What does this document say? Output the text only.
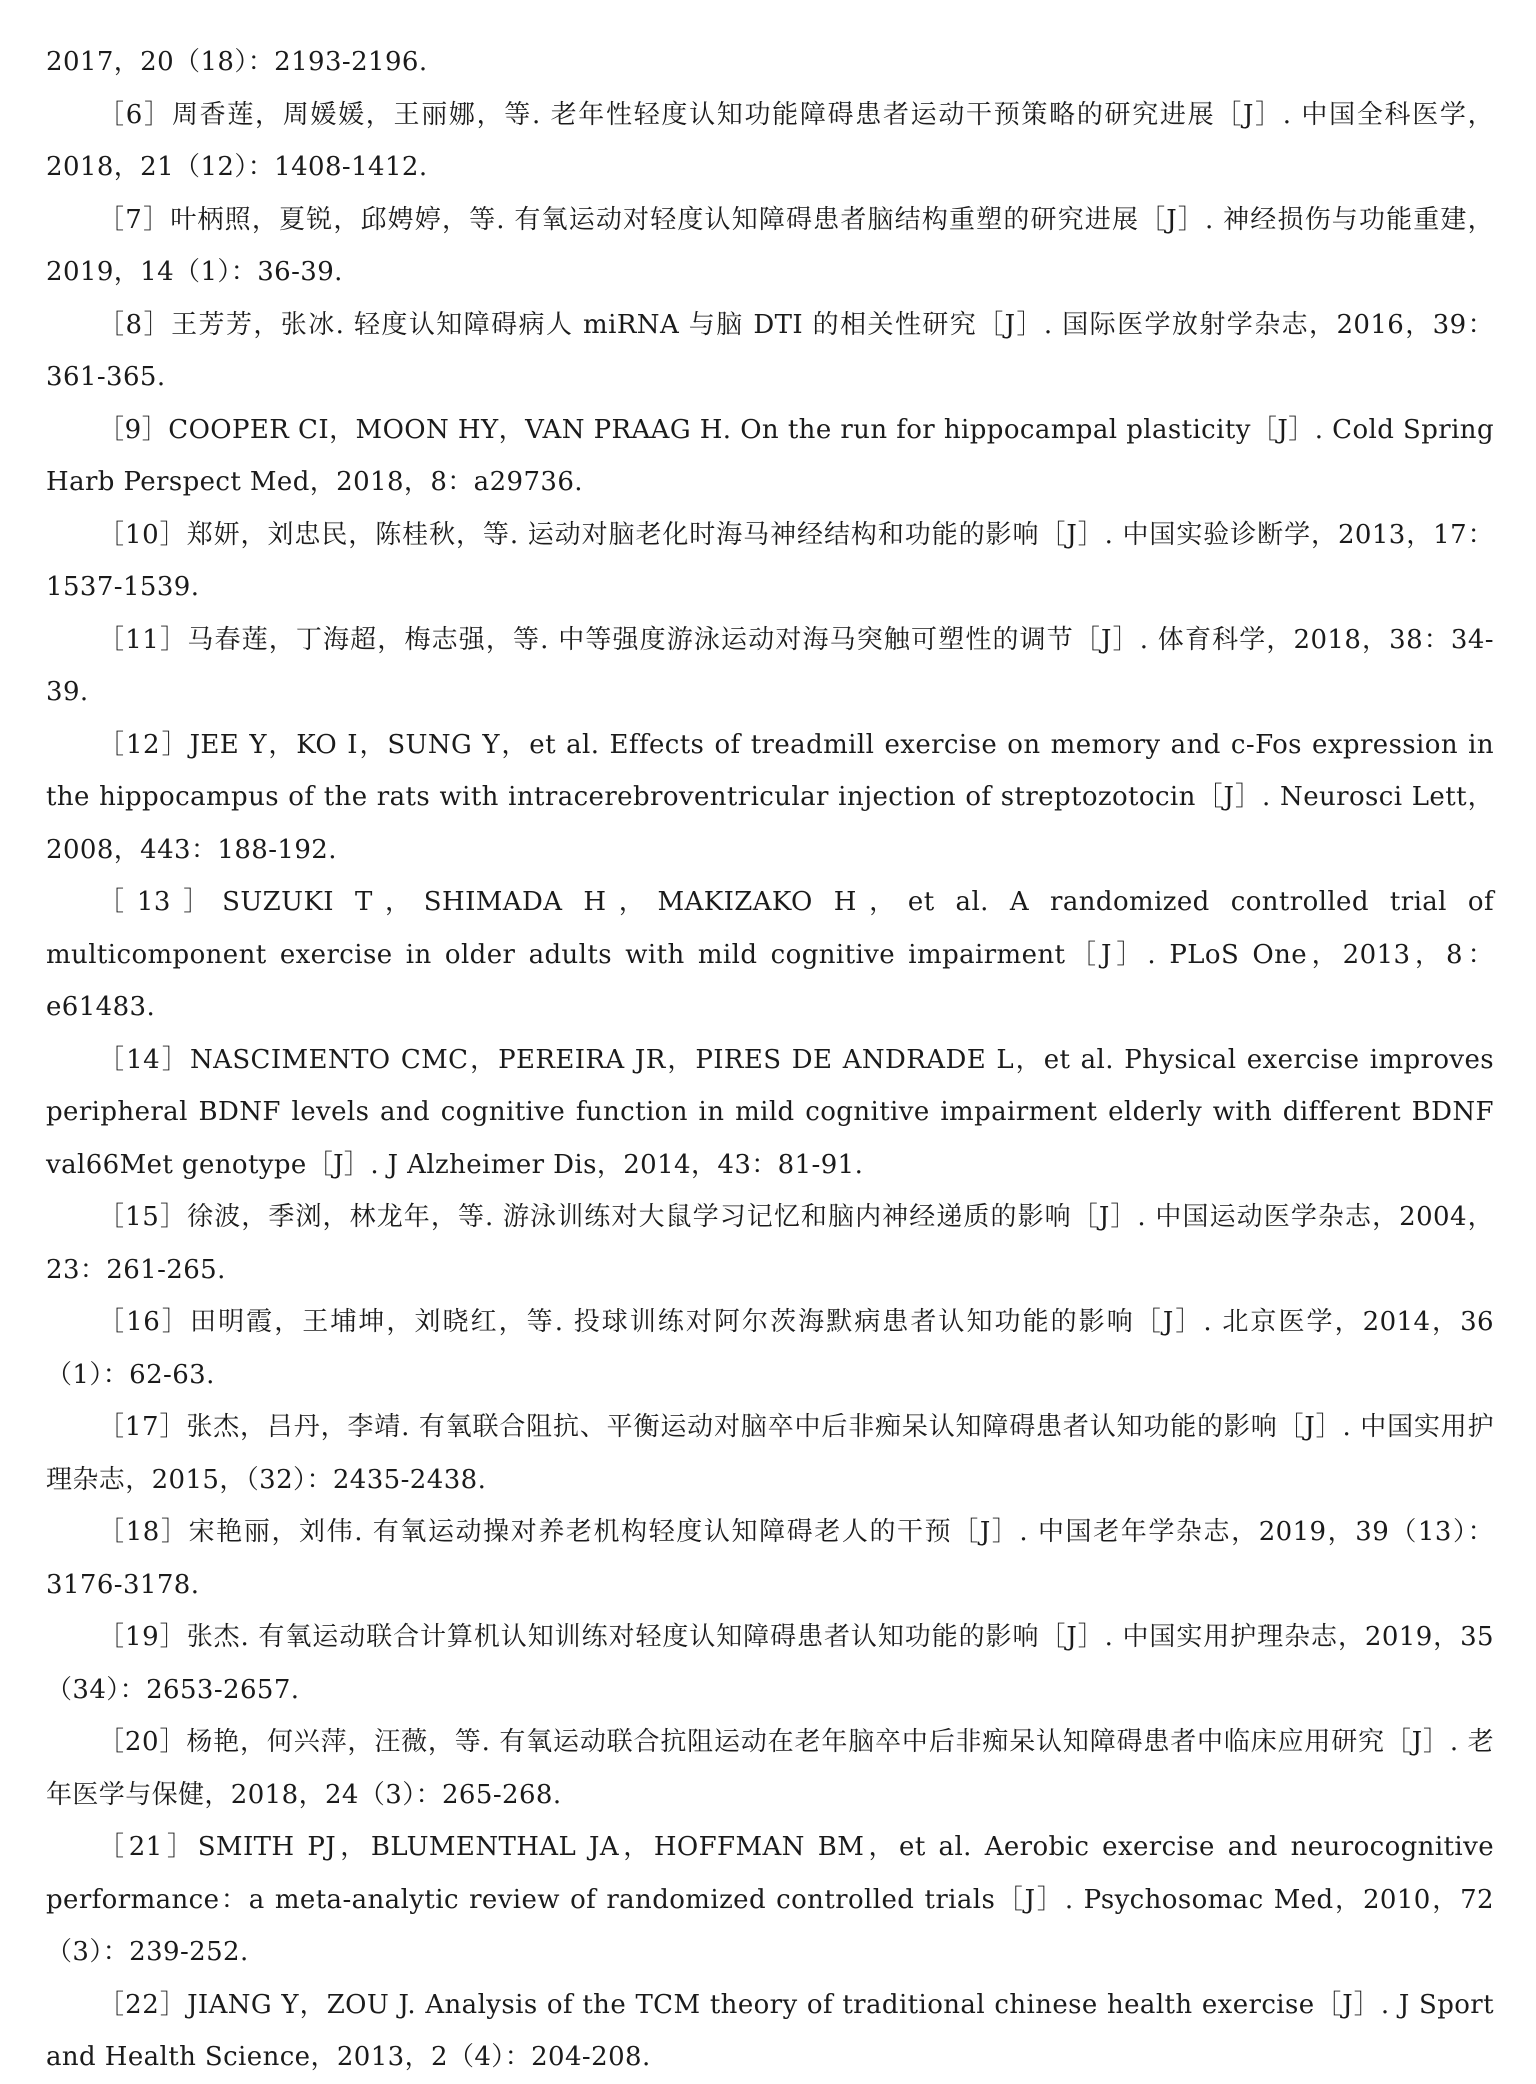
2017，20（18）：2193-2196.

［6］周香莲，周媛媛，王丽娜，等. 老年性轻度认知功能障碍患者运动干预策略的研究进展［J］. 中国全科医学，2018，21（12）：1408-1412.

［7］叶柄照，夏锐，邱娉婷，等. 有氧运动对轻度认知障碍患者脑结构重塑的研究进展［J］. 神经损伤与功能重建，2019，14（1）：36-39.

［8］王芳芳，张冰. 轻度认知障碍病人 miRNA 与脑 DTI 的相关性研究［J］. 国际医学放射学杂志，2016，39：361-365.

［9］COOPER CI，MOON HY，VAN PRAAG H. On the run for hippocampal plasticity［J］. Cold Spring Harb Perspect Med，2018，8：a29736.

［10］郑妍，刘忠民，陈桂秋，等. 运动对脑老化时海马神经结构和功能的影响［J］. 中国实验诊断学，2013，17：1537-1539.

［11］马春莲，丁海超，梅志强，等. 中等强度游泳运动对海马突触可塑性的调节［J］. 体育科学，2018，38：34-39.

［12］JEE Y，KO I，SUNG Y，et al. Effects of treadmill exercise on memory and c-Fos expression in the hippocampus of the rats with intracerebroventricular injection of streptozotocin［J］. Neurosci Lett，2008，443：188-192.

［13］SUZUKI T，SHIMADA H，MAKIZAKO H，et al. A randomized controlled trial of multicomponent exercise in older adults with mild cognitive impairment［J］. PLoS One，2013，8：e61483.

［14］NASCIMENTO CMC，PEREIRA JR，PIRES DE ANDRADE L，et al. Physical exercise improves peripheral BDNF levels and cognitive function in mild cognitive impairment elderly with different BDNF val66Met genotype［J］. J Alzheimer Dis，2014，43：81-91.

［15］徐波，季浏，林龙年，等. 游泳训练对大鼠学习记忆和脑内神经递质的影响［J］. 中国运动医学杂志，2004，23：261-265.

［16］田明霞，王埔坤，刘晓红，等. 投球训练对阿尔茨海默病患者认知功能的影响［J］. 北京医学，2014，36（1）：62-63.

［17］张杰，吕丹，李靖. 有氧联合阻抗、平衡运动对脑卒中后非痴呆认知障碍患者认知功能的影响［J］. 中国实用护理杂志，2015，（32）：2435-2438.

［18］宋艳丽，刘伟. 有氧运动操对养老机构轻度认知障碍老人的干预［J］. 中国老年学杂志，2019，39（13）：3176-3178.

［19］张杰. 有氧运动联合计算机认知训练对轻度认知障碍患者认知功能的影响［J］. 中国实用护理杂志，2019，35（34）：2653-2657.

［20］杨艳，何兴萍，汪薇，等. 有氧运动联合抗阻运动在老年脑卒中后非痴呆认知障碍患者中临床应用研究［J］. 老年医学与保健，2018，24（3）：265-268.

［21］SMITH PJ，BLUMENTHAL JA，HOFFMAN BM，et al. Aerobic exercise and neurocognitive performance：a meta-analytic review of randomized controlled trials［J］. Psychosomac Med，2010，72（3）：239-252.

［22］JIANG Y，ZOU J. Analysis of the TCM theory of traditional chinese health exercise［J］. J Sport and Health Science，2013，2（4）：204-208.
